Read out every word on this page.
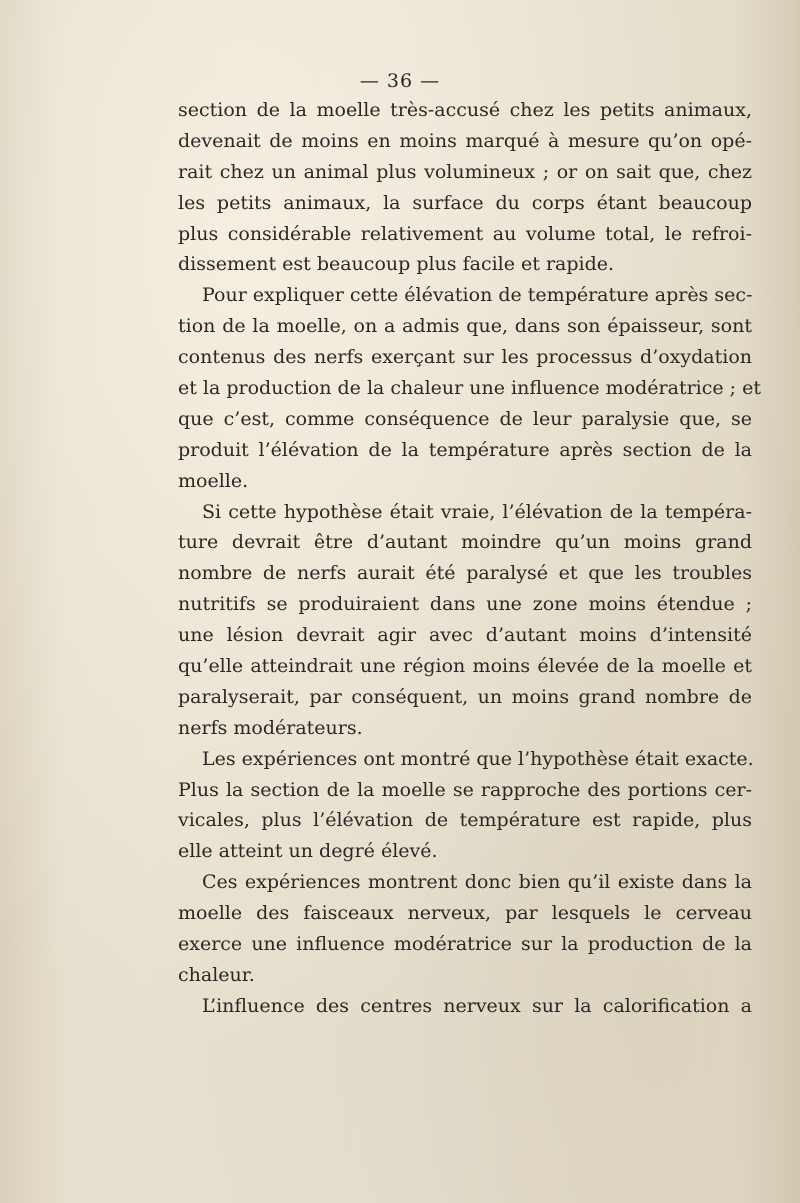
— 36 —
section de la moelle très-accusé chez les petits animaux,
devenait de moins en moins marqué à mesure qu’on opé-
rait chez un animal plus volumineux ; or on sait que, chez
les petits animaux, la surface du corps étant beaucoup
plus considérable relativement au volume total, le refroi-
dissement est beaucoup plus facile et rapide.
Pour expliquer cette élévation de température après sec-
tion de la moelle, on a admis que, dans son épaisseur, sont
contenus des nerfs exerçant sur les processus d’oxydation
et la production de la chaleur une influence modératrice ; et
que c’est, comme conséquence de leur paralysie que, se
produit l’élévation de la température après section de la
moelle.
Si cette hypothèse était vraie, l’élévation de la tempéra-
ture devrait être d’autant moindre qu’un moins grand
nombre de nerfs aurait été paralysé et que les troubles
nutritifs se produiraient dans une zone moins étendue ;
une lésion devrait agir avec d’autant moins d’intensité
qu’elle atteindrait une région moins élevée de la moelle et
paralyserait, par conséquent, un moins grand nombre de
nerfs modérateurs.
Les expériences ont montré que l’hypothèse était exacte.
Plus la section de la moelle se rapproche des portions cer-
vicales, plus l’élévation de température est rapide, plus
elle atteint un degré élevé.
Ces expériences montrent donc bien qu’il existe dans la
moelle des faisceaux nerveux, par lesquels le cerveau
exerce une influence modératrice sur la production de la
chaleur.
L’influence des centres nerveux sur la calorification a
